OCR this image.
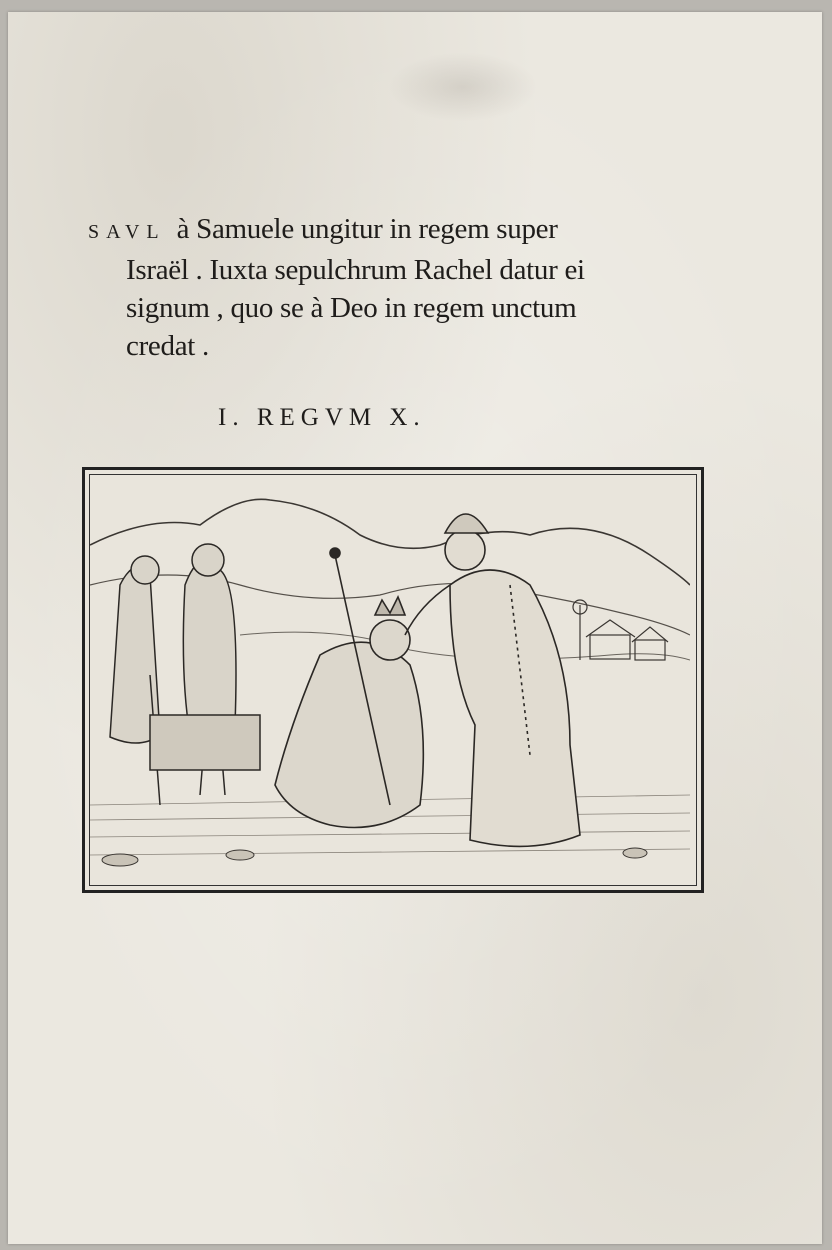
SAVL à Samuele ungitur in regem super
Israël . Iuxta sepulchrum Rachel datur ei
signum , quo se à Deo in regem unctum
credat .
I. REGVM X.
